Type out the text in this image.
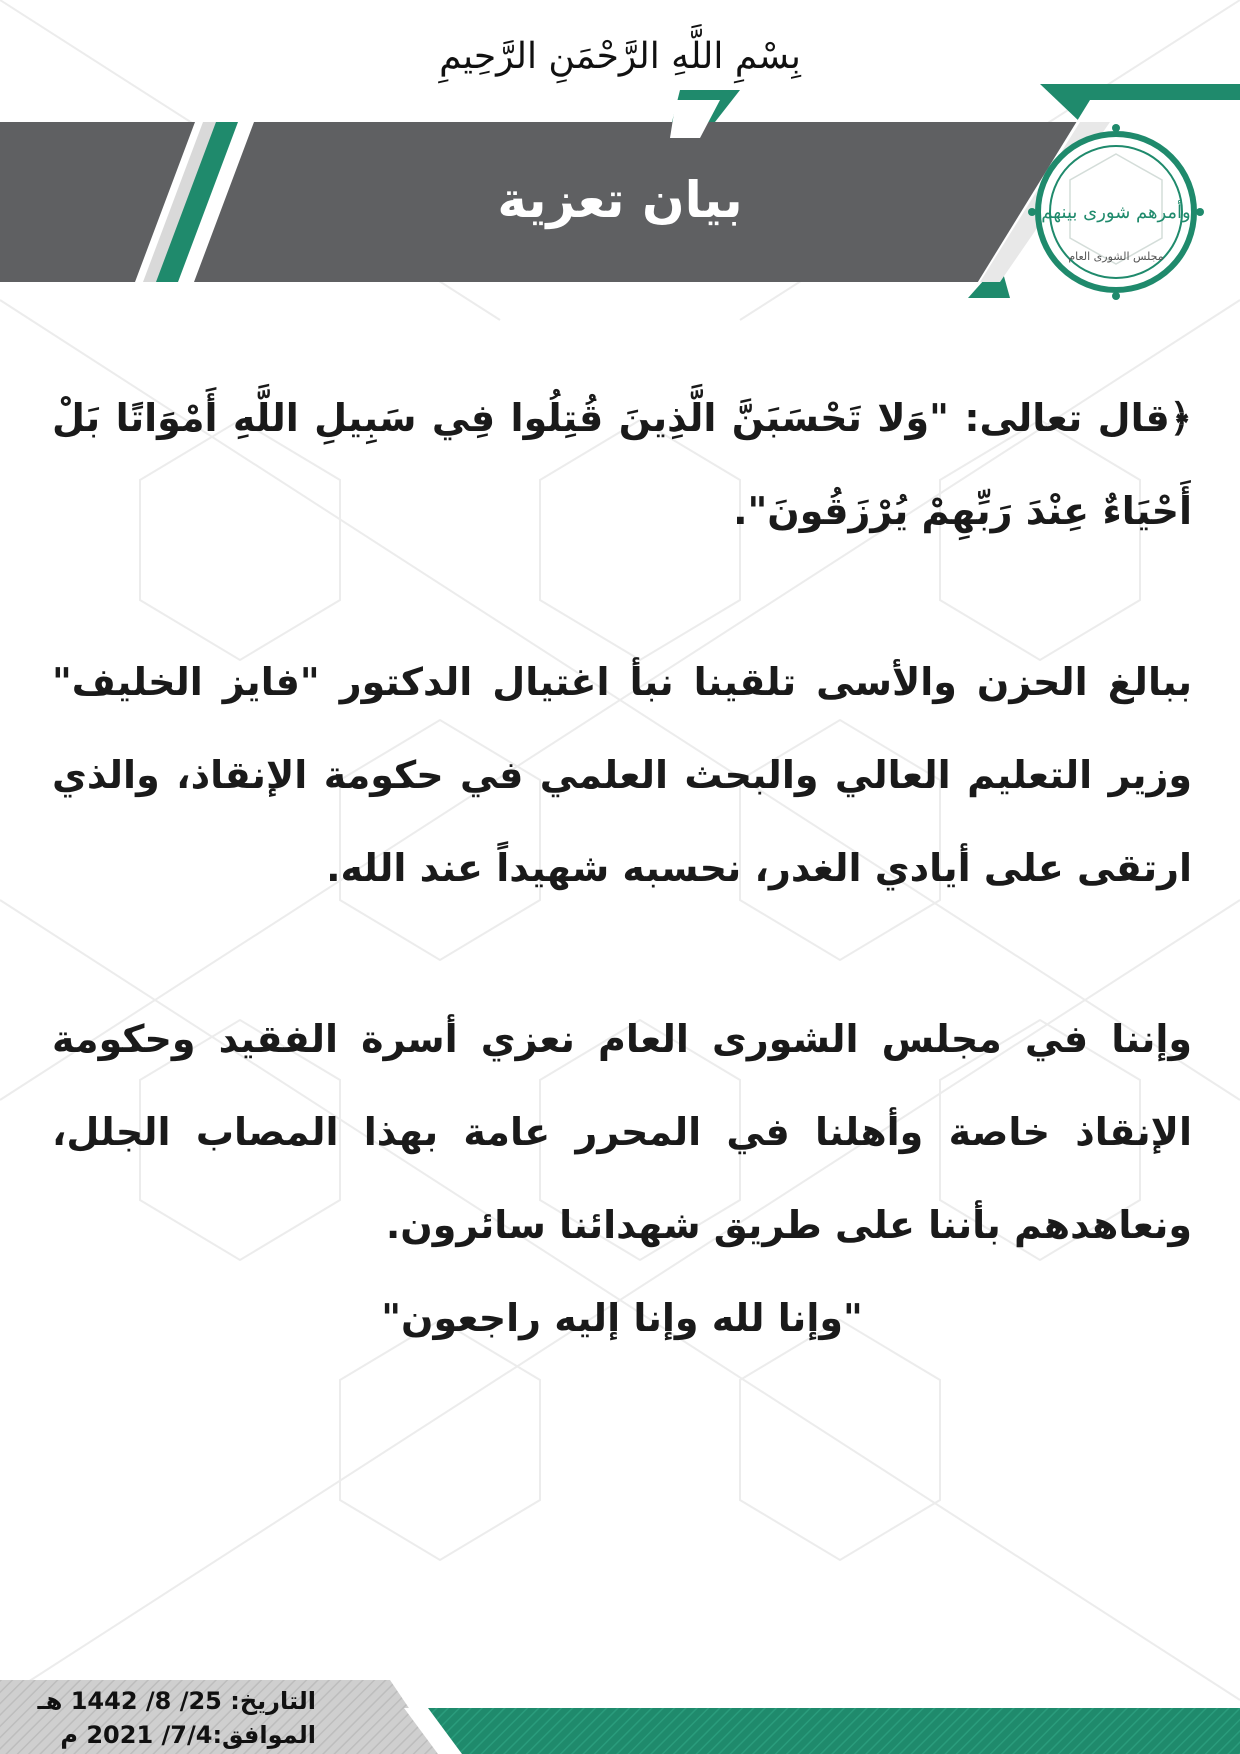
بِسْمِ اللَّهِ الرَّحْمَنِ الرَّحِيمِ
بيان تعزية	وأمرهم شورى بينهم
مجلس الشورى العام

﴿قال تعالى: "وَلا تَحْسَبَنَّ الَّذِينَ قُتِلُوا فِي سَبِيلِ اللَّهِ أَمْوَاتًا بَلْ أَحْيَاءٌ عِنْدَ رَبِّهِمْ يُرْزَقُونَ".

ببالغ الحزن والأسى تلقينا نبأ اغتيال الدكتور "فايز الخليف" وزير التعليم العالي والبحث العلمي في حكومة الإنقاذ، والذي ارتقى على أيادي الغدر، نحسبه شهيداً عند الله.

وإننا في مجلس الشورى العام نعزي أسرة الفقيد وحكومة الإنقاذ خاصة وأهلنا في المحرر عامة بهذا المصاب الجلل، ونعاهدهم بأننا على طريق شهدائنا سائرون.

"وإنا لله وإنا إليه راجعون"

التاريخ: 25/ 8/ 1442 هـ
الموافق:7/4/ 2021 م
